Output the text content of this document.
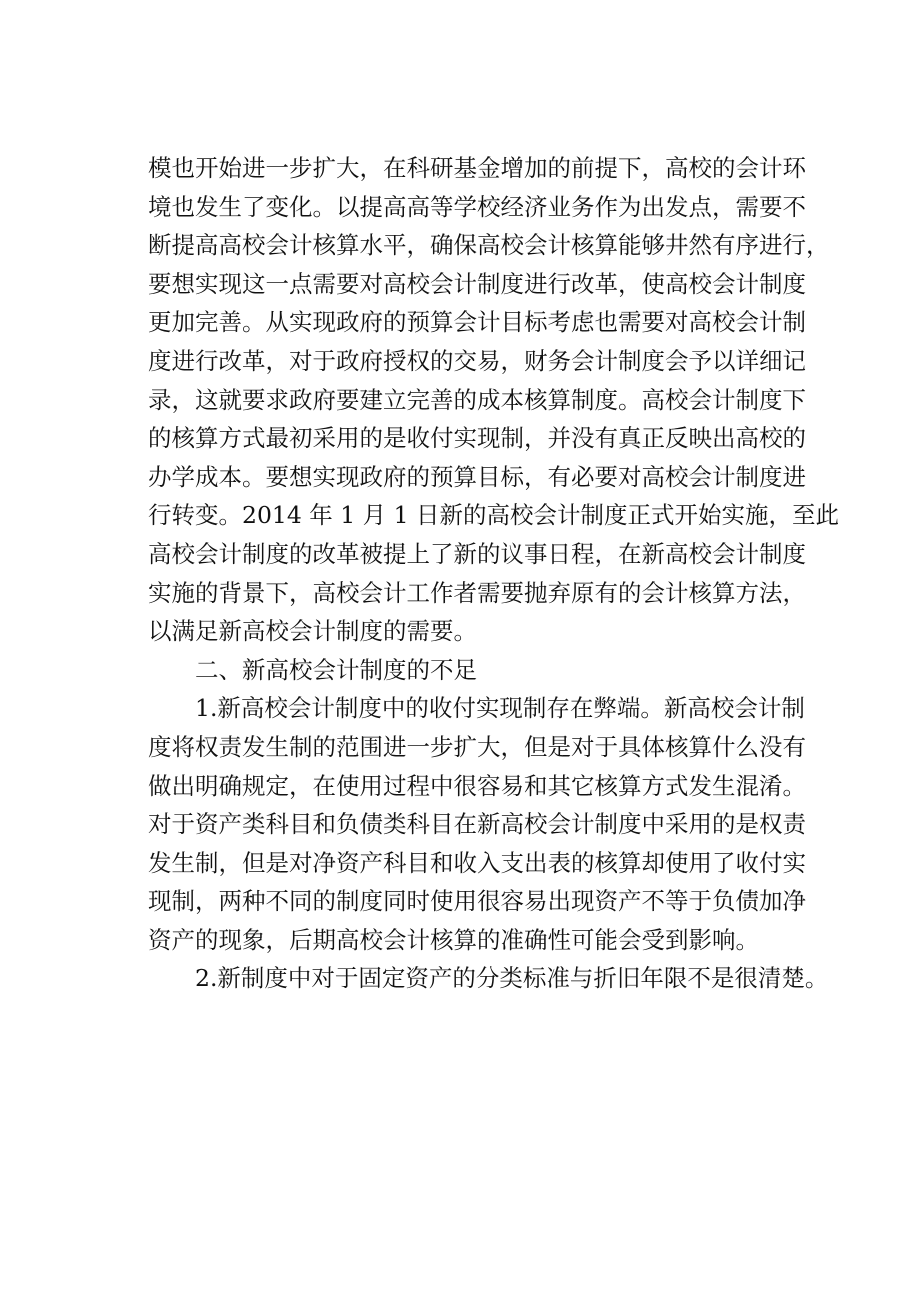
模也开始进一步扩大，在科研基金增加的前提下，高校的会计环
境也发生了变化。以提高高等学校经济业务作为出发点，需要不
断提高高校会计核算水平，确保高校会计核算能够井然有序进行，
要想实现这一点需要对高校会计制度进行改革，使高校会计制度
更加完善。从实现政府的预算会计目标考虑也需要对高校会计制
度进行改革，对于政府授权的交易，财务会计制度会予以详细记
录，这就要求政府要建立完善的成本核算制度。高校会计制度下
的核算方式最初采用的是收付实现制，并没有真正反映出高校的
办学成本。要想实现政府的预算目标，有必要对高校会计制度进
行转变。2014 年 1 月 1 日新的高校会计制度正式开始实施，至此
高校会计制度的改革被提上了新的议事日程，在新高校会计制度
实施的背景下，高校会计工作者需要抛弃原有的会计核算方法，
以满足新高校会计制度的需要。
二、新高校会计制度的不足
1.新高校会计制度中的收付实现制存在弊端。新高校会计制
度将权责发生制的范围进一步扩大，但是对于具体核算什么没有
做出明确规定，在使用过程中很容易和其它核算方式发生混淆。
对于资产类科目和负债类科目在新高校会计制度中采用的是权责
发生制，但是对净资产科目和收入支出表的核算却使用了收付实
现制，两种不同的制度同时使用很容易出现资产不等于负债加净
资产的现象，后期高校会计核算的准确性可能会受到影响。
2.新制度中对于固定资产的分类标准与折旧年限不是很清楚。
